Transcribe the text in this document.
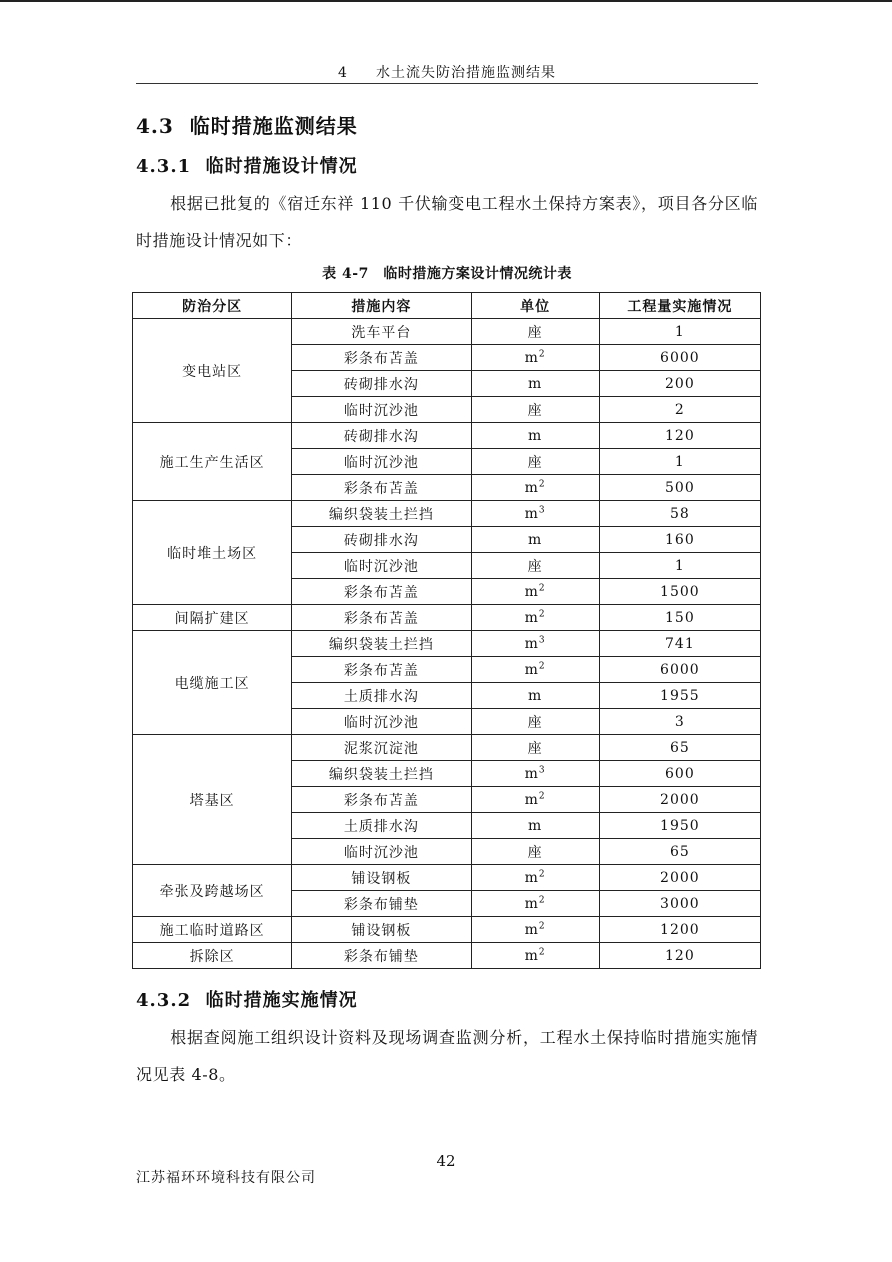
4 水土流失防治措施监测结果
4.3 临时措施监测结果
4.3.1 临时措施设计情况
根据已批复的《宿迁东祥 110 千伏输变电工程水土保持方案表》，项目各分区临时措施设计情况如下：
表 4-7　临时措施方案设计情况统计表
防治分区	措施内容	单位	工程量实施情况
变电站区	洗车平台	座	1
	彩条布苫盖	$m^2$	6000
	砖砌排水沟	m	200
	临时沉沙池	座	2
施工生产生活区	砖砌排水沟	m	120
	临时沉沙池	座	1
	彩条布苫盖	$m^2$	500
临时堆土场区	编织袋装土拦挡	$m^3$	58
	砖砌排水沟	m	160
	临时沉沙池	座	1
	彩条布苫盖	$m^2$	1500
间隔扩建区	彩条布苫盖	$m^2$	150
电缆施工区	编织袋装土拦挡	$m^3$	741
	彩条布苫盖	$m^2$	6000
	土质排水沟	m	1955
	临时沉沙池	座	3
塔基区	泥浆沉淀池	座	65
	编织袋装土拦挡	$m^3$	600
	彩条布苫盖	$m^2$	2000
	土质排水沟	m	1950
	临时沉沙池	座	65
牵张及跨越场区	铺设钢板	$m^2$	2000
	彩条布铺垫	$m^2$	3000
施工临时道路区	铺设钢板	$m^2$	1200
拆除区	彩条布铺垫	$m^2$	120
4.3.2 临时措施实施情况
根据查阅施工组织设计资料及现场调查监测分析，工程水土保持临时措施实施情况见表 4-8。
42
江苏福环环境科技有限公司
